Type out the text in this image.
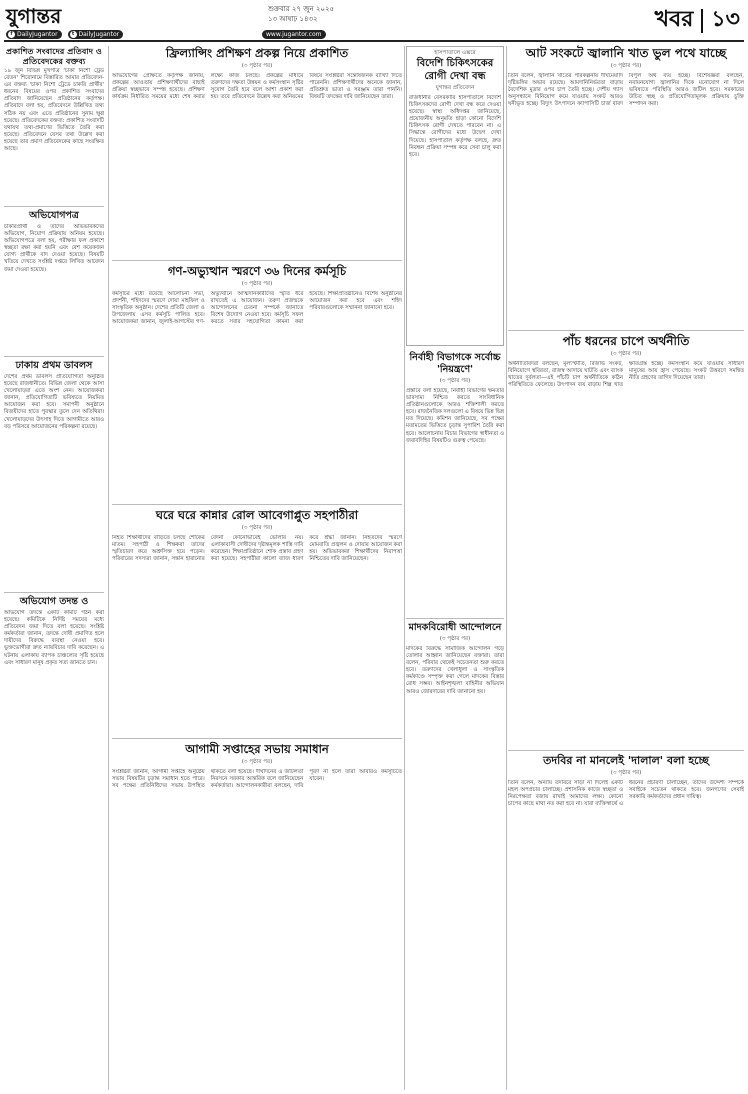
যুগান্তর
f DailyJugantor	t DailyJugantor
শুক্রবার ২৭ জুন ২০২৫
১৩ আষাঢ় ১৪৩২
www.jugantor.com
খবর ১৩
প্রকাশিত সংবাদের প্রতিবাদ ও প্রতিবেদকের বক্তব্য
১৯ জুন বিভিন্ন মুখপাত্র 'চাকা নিশো ট্রেড বেতন' শিরোনামে বিস্তারিত আমার প্রতিবেদন-এর বক্তব্য 'চাকা নিশো ট্রেডে চাকরি প্রার্থীর' ধরনের বিষয়ের ওপর প্রকাশিত সংবাদের প্রতিবাদ জানিয়েছেন প্রতিষ্ঠানের কর্তৃপক্ষ। প্রতিবাদে বলা হয়, প্রতিবেদনে উল্লিখিত তথ্য সঠিক নয় এবং এতে প্রতিষ্ঠানের সুনাম ক্ষুণ্ণ হয়েছে। প্রতিবেদকের বক্তব্য: প্রকাশিত সংবাদটি যথাযথ তথ্য-প্রমাণের ভিত্তিতে তৈরি করা হয়েছে। প্রতিবেদনে যেসব তথ্য উল্লেখ করা হয়েছে তার প্রমাণ প্রতিবেদকের কাছে সংরক্ষিত আছে।
অভিযোগপত্র
চাকরিপ্রার্থী ও তাদের অভিভাবকদের অভিযোগ, নিয়োগ প্রক্রিয়ায় অনিয়ম হয়েছে। অভিযোগপত্রে বলা হয়, পরীক্ষার ফল প্রকাশে স্বচ্ছতা রক্ষা করা হয়নি এবং বেশ কয়েকজন যোগ্য প্রার্থীকে বাদ দেওয়া হয়েছে। বিষয়টি খতিয়ে দেখতে সংশ্লিষ্ট দপ্তরে লিখিত আবেদন জমা দেওয়া হয়েছে।
ঢাকায় প্রথম ডাবলস
দেশের প্রথম ডাবলস প্রতিযোগিতা অনুষ্ঠিত হয়েছে রাজধানীতে। বিভিন্ন জেলা থেকে আসা খেলোয়াড়রা এতে অংশ নেন। আয়োজকরা জানান, প্রতিযোগিতাটি ভবিষ্যতে নিয়মিত আয়োজন করা হবে। সমাপনী অনুষ্ঠানে বিজয়ীদের হাতে পুরস্কার তুলে দেন অতিথিরা। খেলোয়াড়দের উৎসাহ দিতে আগামীতে আরও বড় পরিসরে আয়োজনের পরিকল্পনা রয়েছে।
অভিযোগ তদন্ত ও
অভিযোগ তদন্তে একটি কমিটি গঠন করা হয়েছে। কমিটিকে নির্দিষ্ট সময়ের মধ্যে প্রতিবেদন জমা দিতে বলা হয়েছে। সংশ্লিষ্ট কর্মকর্তারা জানান, তদন্তে দোষী প্রমাণিত হলে দায়ীদের বিরুদ্ধে ব্যবস্থা নেওয়া হবে। ভুক্তভোগীরা দ্রুত ন্যায়বিচার দাবি করেছেন। এ ঘটনায় এলাকায় ব্যাপক চাঞ্চল্যের সৃষ্টি হয়েছে এবং সাধারণ মানুষ প্রকৃত সত্য জানতে চান।
ফ্রিল্যান্সিং প্রশিক্ষণ প্রকল্প নিয়ে প্রকাশিত
(৩ পৃষ্ঠার পর)
অভিযোগের প্রেক্ষিতে কর্তৃপক্ষ জানায়, প্রকল্পের আওতায় প্রশিক্ষণার্থীদের বাছাই প্রক্রিয়া স্বচ্ছভাবে সম্পন্ন হয়েছে। প্রশিক্ষণ কার্যক্রম নির্ধারিত সময়ের মধ্যে শেষ করার লক্ষ্যে কাজ চলছে। প্রকল্পের মাধ্যমে তরুণদের দক্ষতা উন্নয়ন ও কর্মসংস্থান সৃষ্টির সুযোগ তৈরি হবে বলে আশা প্রকাশ করা হয়। তবে প্রতিবেদনে উল্লেখ করা অনিয়মের বিষয়ে সংশ্লিষ্টরা সন্তোষজনক ব্যাখ্যা দিতে পারেননি। প্রশিক্ষণার্থীদের অনেকে জানান, প্রতিশ্রুত ভাতা ও সরঞ্জাম তারা পাননি। বিষয়টি তদন্তের দাবি জানিয়েছেন তারা।
হাসপাতালে এক্সরে
বিদেশি চিকিৎসকের রোগী দেখা বন্ধ
যুগান্তর প্রতিবেদন
রাজধানীর বেসরকারি হাসপাতালে বিদেশি চিকিৎসকদের রোগী দেখা বন্ধ করে দেওয়া হয়েছে। স্বাস্থ্য অধিদপ্তর জানিয়েছে, প্রয়োজনীয় অনুমতি ছাড়া কোনো বিদেশি চিকিৎসক রোগী দেখতে পারবেন না। এ সিদ্ধান্তে রোগীদের মধ্যে উদ্বেগ দেখা দিয়েছে। হাসপাতাল কর্তৃপক্ষ বলছে, দ্রুত নিবন্ধন প্রক্রিয়া সম্পন্ন করে সেবা চালু করা হবে।
আট সংকটে জ্বালানি খাত ভুল পথে যাচ্ছে
(৩ পৃষ্ঠার পর)
তিনি বলেন, জ্বালানি খাতের পরিকল্পনায় দীর্ঘমেয়াদি দৃষ্টিভঙ্গির অভাব রয়েছে। আমদানিনির্ভরতা বাড়ায় বৈদেশিক মুদ্রার ওপর চাপ তৈরি হচ্ছে। দেশীয় গ্যাস অনুসন্ধানে বিনিয়োগ কমে যাওয়ায় সংকট আরও ঘনীভূত হচ্ছে। বিদ্যুৎ উৎপাদনে ক্যাপাসিটি চার্জ বাবদ বিপুল অর্থ ব্যয় হচ্ছে। বিশেষজ্ঞরা বলছেন, নবায়নযোগ্য জ্বালানির দিকে মনোযোগ না দিলে ভবিষ্যতে পরিস্থিতি আরও জটিল হবে। সরকারের উচিত স্বচ্ছ ও প্রতিযোগিতামূলক প্রক্রিয়ায় চুক্তি সম্পাদন করা।
গণ-অভ্যুত্থান স্মরণে ৩৬ দিনের কর্মসূচি
(৩ পৃষ্ঠার পর)
কর্মসূচির মধ্যে রয়েছে আলোচনা সভা, প্রদর্শনী, শহিদদের স্মরণে দোয়া মাহফিল ও সাংস্কৃতিক অনুষ্ঠান। দেশের প্রতিটি জেলা ও উপজেলায় এসব কর্মসূচি পালিত হবে। আয়োজকরা জানান, জুলাই-আগস্টের গণ-অভ্যুত্থানে আত্মদানকারীদের স্মৃতি ধরে রাখতেই এ আয়োজন। তরুণ প্রজন্মকে আন্দোলনের চেতনা সম্পর্কে জানাতে বিশেষ উদ্যোগ নেওয়া হবে। কর্মসূচি সফল করতে সবার সহযোগিতা কামনা করা হয়েছে। শিক্ষাপ্রতিষ্ঠানেও বিশেষ অনুষ্ঠানের আয়োজন করা হবে এবং শহিদ পরিবারগুলোকে সম্মাননা জানানো হবে।
নির্বাহী বিভাগকে সর্বোচ্চ 'নিয়ন্ত্রণে'
(৩ পৃষ্ঠার পর)
প্রস্তাবে বলা হয়েছে, নির্বাহী বিভাগের ক্ষমতার ভারসাম্য নিশ্চিত করতে সাংবিধানিক প্রতিষ্ঠানগুলোকে আরও শক্তিশালী করতে হবে। রাজনৈতিক দলগুলো এ বিষয়ে ভিন্ন ভিন্ন মত দিয়েছে। কমিশন জানিয়েছে, সব পক্ষের মতামতের ভিত্তিতে চূড়ান্ত সুপারিশ তৈরি করা হবে। আলোচনায় বিচার বিভাগের স্বাধীনতা ও জবাবদিহির বিষয়টিও গুরুত্ব পেয়েছে।
পাঁচ ধরনের চাপে অর্থনীতি
(৩ পৃষ্ঠার পর)
অর্থনীতিবিদরা বলছেন, মূল্যস্ফীতি, রিজার্ভ সংকট, বিনিয়োগে স্থবিরতা, রাজস্ব আদায়ে ঘাটতি এবং ব্যাংক খাতের দুর্বলতা—এই পাঁচটি চাপ অর্থনীতিকে কঠিন পরিস্থিতিতে ফেলেছে। উৎপাদন ব্যয় বাড়ায় শিল্প খাত ক্ষতিগ্রস্ত হচ্ছে। কর্মসংস্থান কমে যাওয়ায় সাধারণ মানুষের আয় হ্রাস পেয়েছে। সংকট উত্তরণে সমন্বিত নীতি গ্রহণের তাগিদ দিয়েছেন তারা।
ঘরে ঘরে কান্নার রোল আবেগাপ্লুত সহপাঠীরা
(৩ পৃষ্ঠার পর)
নিহত শিক্ষার্থীদের বাড়িতে চলছে শোকের মাতম। সহপাঠী ও শিক্ষকরা তাদের স্মৃতিচারণ করে অশ্রুসিক্ত হয়ে পড়েন। পরিবারের সদস্যরা জানান, সন্তান হারানোর বেদনা কোনোভাবেই ভোলার নয়। এলাকাবাসী দোষীদের দৃষ্টান্তমূলক শাস্তি দাবি করেছেন। শিক্ষাপ্রতিষ্ঠানে শোক প্রস্তাব গ্রহণ করা হয়েছে। সহপাঠীরা কালো ব্যাজ ধারণ করে শ্রদ্ধা জানান। নিহতদের স্মরণে মোমবাতি প্রজ্বলন ও দোয়ার আয়োজন করা হয়। অভিভাবকরা শিক্ষার্থীদের নিরাপত্তা নিশ্চিতের দাবি জানিয়েছেন।
মাদকবিরোধী আন্দোলনে
(৩ পৃষ্ঠার পর)
মাদকের বিরুদ্ধে সামাজিক আন্দোলন গড়ে তোলার আহ্বান জানিয়েছেন বক্তারা। তারা বলেন, পরিবার থেকেই সচেতনতা শুরু করতে হবে। তরুণদের খেলাধুলা ও সাংস্কৃতিক কর্মকাণ্ডে সম্পৃক্ত করা গেলে মাদকের বিস্তার রোধ সম্ভব। আইনশৃঙ্খলা বাহিনীর অভিযান আরও জোরদারের দাবি জানানো হয়।
তদবির না মানলেই 'দালাল' বলা হচ্ছে
(৩ পৃষ্ঠার পর)
তিনি বলেন, অন্যায় তদবিরে সাড়া না দিলেই একটি মহল অপপ্রচার চালাচ্ছে। প্রশাসনিক কাজে স্বচ্ছতা ও নিরপেক্ষতা বজায় রাখাই আমাদের লক্ষ্য। কোনো চাপের কাছে মাথা নত করা হবে না। যারা ব্যক্তিস্বার্থে এ ধরনের প্রচারণা চালাচ্ছেন, তাদের উদ্দেশ্য সম্পর্কে সবাইকে সচেতন থাকতে হবে। জনগণের সেবাই সরকারি কর্মকর্তাদের প্রধান দায়িত্ব।
আগামী সপ্তাহের সভায় সমাধান
(৩ পৃষ্ঠার পর)
সংশ্লিষ্টরা জানান, আগামী সপ্তাহে অনুষ্ঠেয় সভায় বিষয়টির চূড়ান্ত সমাধান হতে পারে। সব পক্ষের প্রতিনিধিদের সভায় উপস্থিত থাকতে বলা হয়েছে। দীর্ঘদিনের এ জটিলতা নিরসনে সরকার আন্তরিক বলে জানিয়েছেন কর্মকর্তারা। আন্দোলনকারীরা বলছেন, দাবি পূরণ না হলে তারা আবারও কর্মসূচিতে যাবেন।
